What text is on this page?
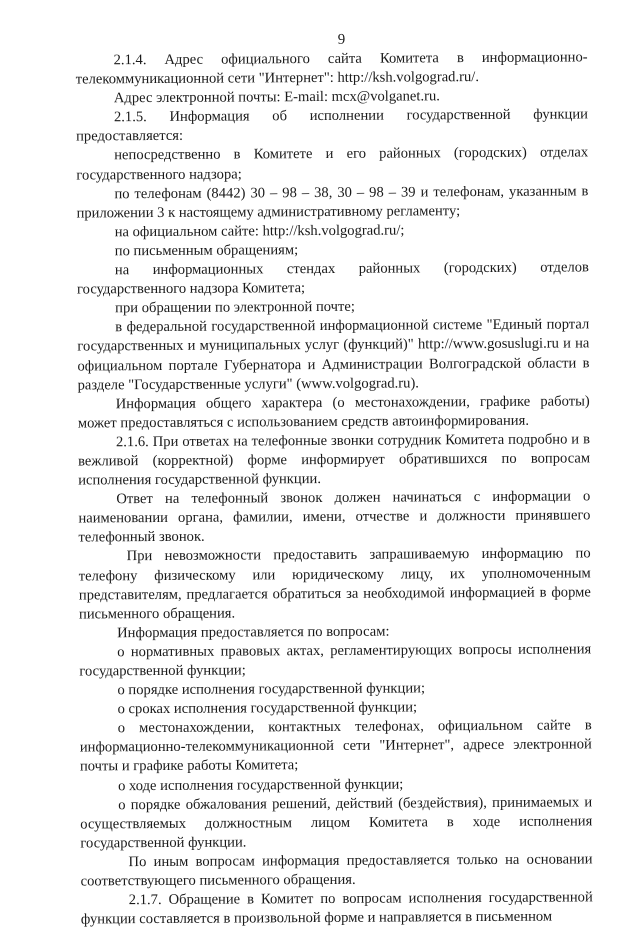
9

2.1.4. Адрес официального сайта Комитета в информационно-телекоммуникационной сети "Интернет": http://ksh.volgograd.ru/.

Адрес электронной почты: E-mail: mcx@volganet.ru.

2.1.5. Информация об исполнении государственной функции предоставляется:

непосредственно в Комитете и его районных (городских) отделах государственного надзора;

по телефонам (8442) 30 – 98 – 38, 30 – 98 – 39 и телефонам, указанным в приложении 3 к настоящему административному регламенту;

на официальном сайте: http://ksh.volgograd.ru/;

по письменным обращениям;

на информационных стендах районных (городских) отделов государственного надзора Комитета;

при обращении по электронной почте;

в федеральной государственной информационной системе "Единый портал государственных и муниципальных услуг (функций)" http://www.gosuslugi.ru и на официальном портале Губернатора и Администрации Волгоградской области в разделе "Государственные услуги" (www.volgograd.ru).

Информация общего характера (о местонахождении, графике работы) может предоставляться с использованием средств автоинформирования.

2.1.6. При ответах на телефонные звонки сотрудник Комитета подробно и в вежливой (корректной) форме информирует обратившихся по вопросам исполнения государственной функции.

Ответ на телефонный звонок должен начинаться с информации о наименовании органа, фамилии, имени, отчестве и должности принявшего телефонный звонок.

При невозможности предоставить запрашиваемую информацию по телефону физическому или юридическому лицу, их уполномоченным представителям, предлагается обратиться за необходимой информацией в форме письменного обращения.

Информация предоставляется по вопросам:

о нормативных правовых актах, регламентирующих вопросы исполнения государственной функции;

о порядке исполнения государственной функции;

о сроках исполнения государственной функции;

о местонахождении, контактных телефонах, официальном сайте в информационно-телекоммуникационной сети "Интернет", адресе электронной почты и графике работы Комитета;

о ходе исполнения государственной функции;

о порядке обжалования решений, действий (бездействия), принимаемых и осуществляемых должностным лицом Комитета в ходе исполнения государственной функции.

По иным вопросам информация предоставляется только на основании соответствующего письменного обращения.

2.1.7. Обращение в Комитет по вопросам исполнения государственной функции составляется в произвольной форме и направляется в письменном
